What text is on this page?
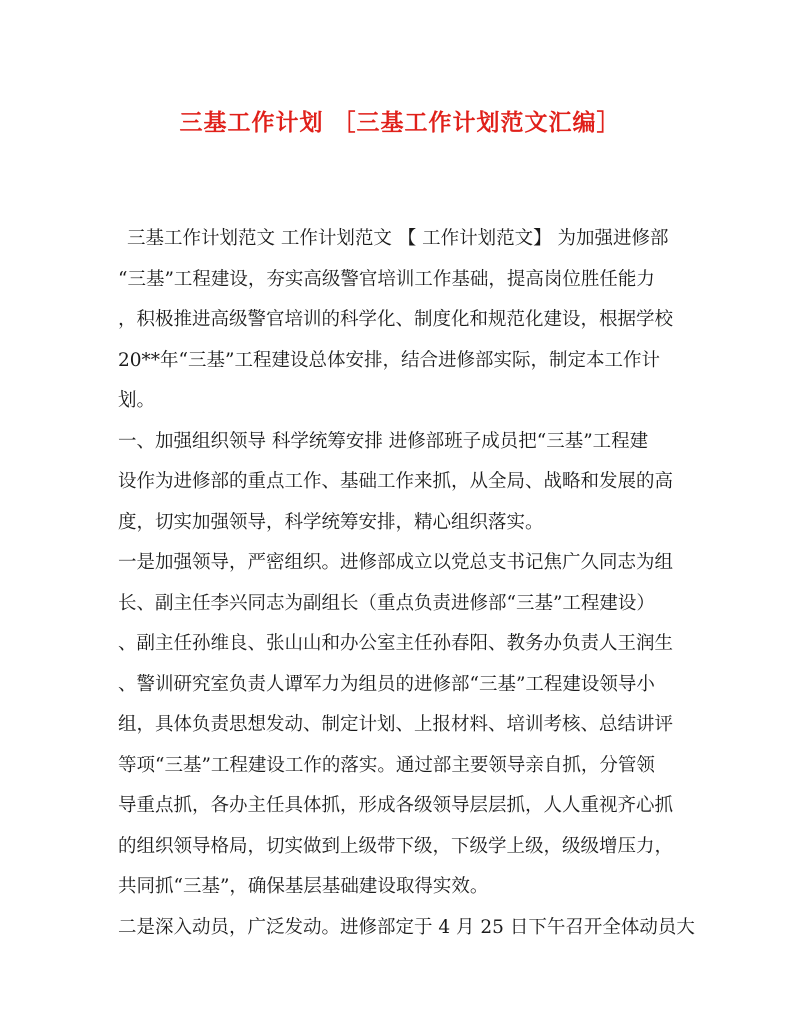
三基工作计划 ［三基工作计划范文汇编］
三基工作计划范文 工作计划范文 【 工作计划范文】 为加强进修部
“三基”工程建设，夯实高级警官培训工作基础，提高岗位胜任能力
，积极推进高级警官培训的科学化、制度化和规范化建设，根据学校
20**年“三基”工程建设总体安排，结合进修部实际，制定本工作计
划。
一、加强组织领导 科学统筹安排 进修部班子成员把“三基”工程建
设作为进修部的重点工作、基础工作来抓，从全局、战略和发展的高
度，切实加强领导，科学统筹安排，精心组织落实。
一是加强领导，严密组织。进修部成立以党总支书记焦广久同志为组
长、副主任李兴同志为副组长（重点负责进修部“三基”工程建设）
、副主任孙维良、张山山和办公室主任孙春阳、教务办负责人王润生
、警训研究室负责人谭军力为组员的进修部“三基”工程建设领导小
组，具体负责思想发动、制定计划、上报材料、培训考核、总结讲评
等项“三基”工程建设工作的落实。通过部主要领导亲自抓，分管领
导重点抓，各办主任具体抓，形成各级领导层层抓，人人重视齐心抓
的组织领导格局，切实做到上级带下级，下级学上级，级级增压力，
共同抓“三基”，确保基层基础建设取得实效。
二是深入动员，广泛发动。进修部定于 4 月 25 日下午召开全体动员大
